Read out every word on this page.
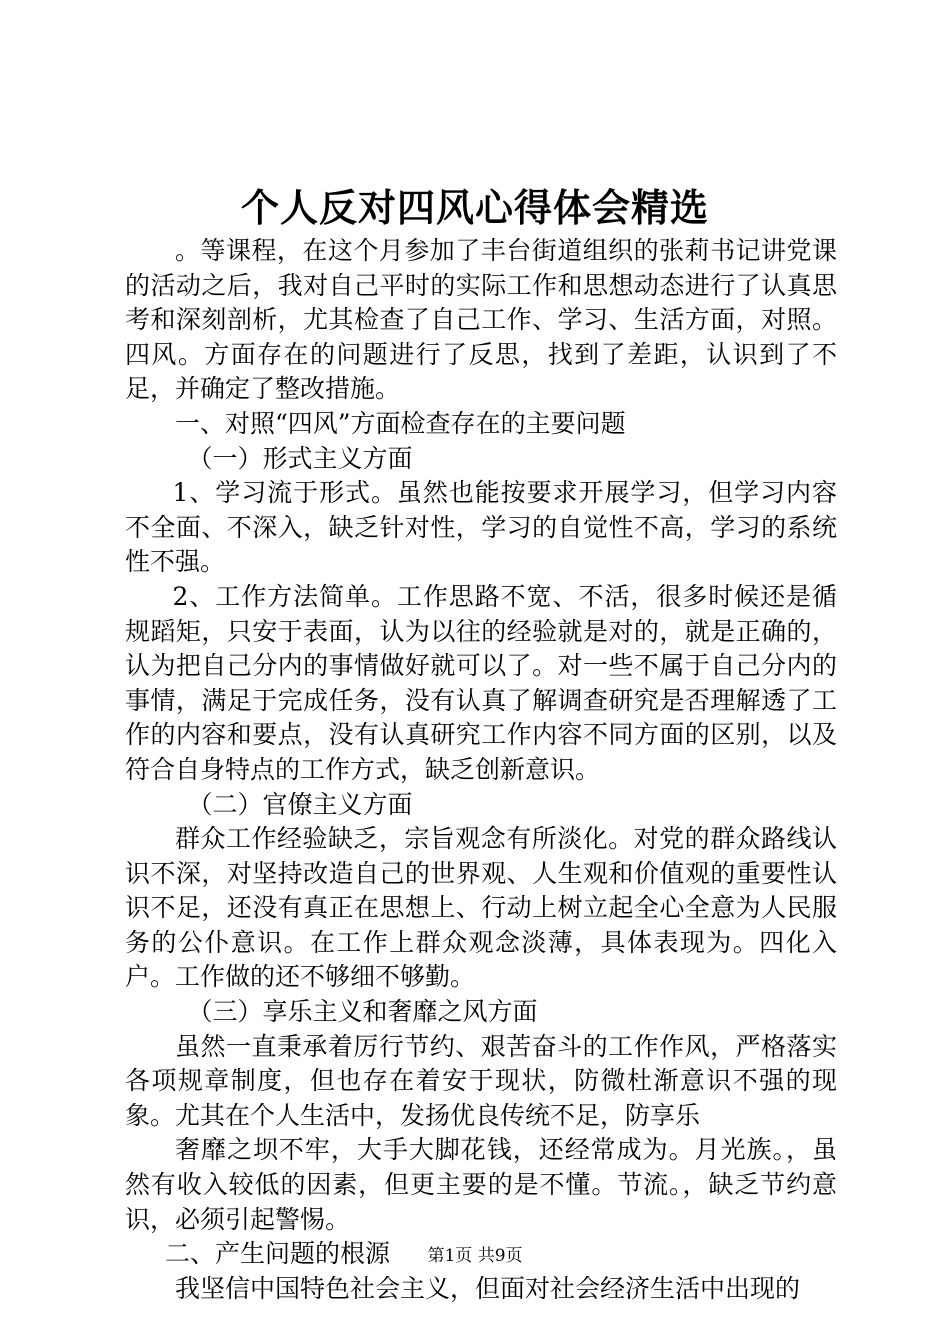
个人反对四风心得体会精选

。等课程，在这个月参加了丰台街道组织的张莉书记讲党课的活动之后，我对自己平时的实际工作和思想动态进行了认真思考和深刻剖析，尤其检查了自己工作、学习、生活方面，对照。四风。方面存在的问题进行了反思，找到了差距，认识到了不足，并确定了整改措施。

一、对照“四风”方面检查存在的主要问题

（一）形式主义方面

1、学习流于形式。虽然也能按要求开展学习，但学习内容不全面、不深入，缺乏针对性，学习的自觉性不高，学习的系统性不强。

2、工作方法简单。工作思路不宽、不活，很多时候还是循规蹈矩，只安于表面，认为以往的经验就是对的，就是正确的，认为把自己分内的事情做好就可以了。对一些不属于自己分内的事情，满足于完成任务，没有认真了解调查研究是否理解透了工作的内容和要点，没有认真研究工作内容不同方面的区别，以及符合自身特点的工作方式，缺乏创新意识。

（二）官僚主义方面

群众工作经验缺乏，宗旨观念有所淡化。对党的群众路线认识不深，对坚持改造自己的世界观、人生观和价值观的重要性认识不足，还没有真正在思想上、行动上树立起全心全意为人民服务的公仆意识。在工作上群众观念淡薄，具体表现为。四化入户。工作做的还不够细不够勤。

（三）享乐主义和奢靡之风方面

虽然一直秉承着厉行节约、艰苦奋斗的工作作风，严格落实各项规章制度，但也存在着安于现状，防微杜渐意识不强的现象。尤其在个人生活中，发扬优良传统不足，防享乐

奢靡之坝不牢，大手大脚花钱，还经常成为。月光族。，虽然有收入较低的因素，但更主要的是不懂。节流。，缺乏节约意识，必须引起警惕。

二、产生问题的根源

我坚信中国特色社会主义，但面对社会经济生活中出现的

第1页 共9页
